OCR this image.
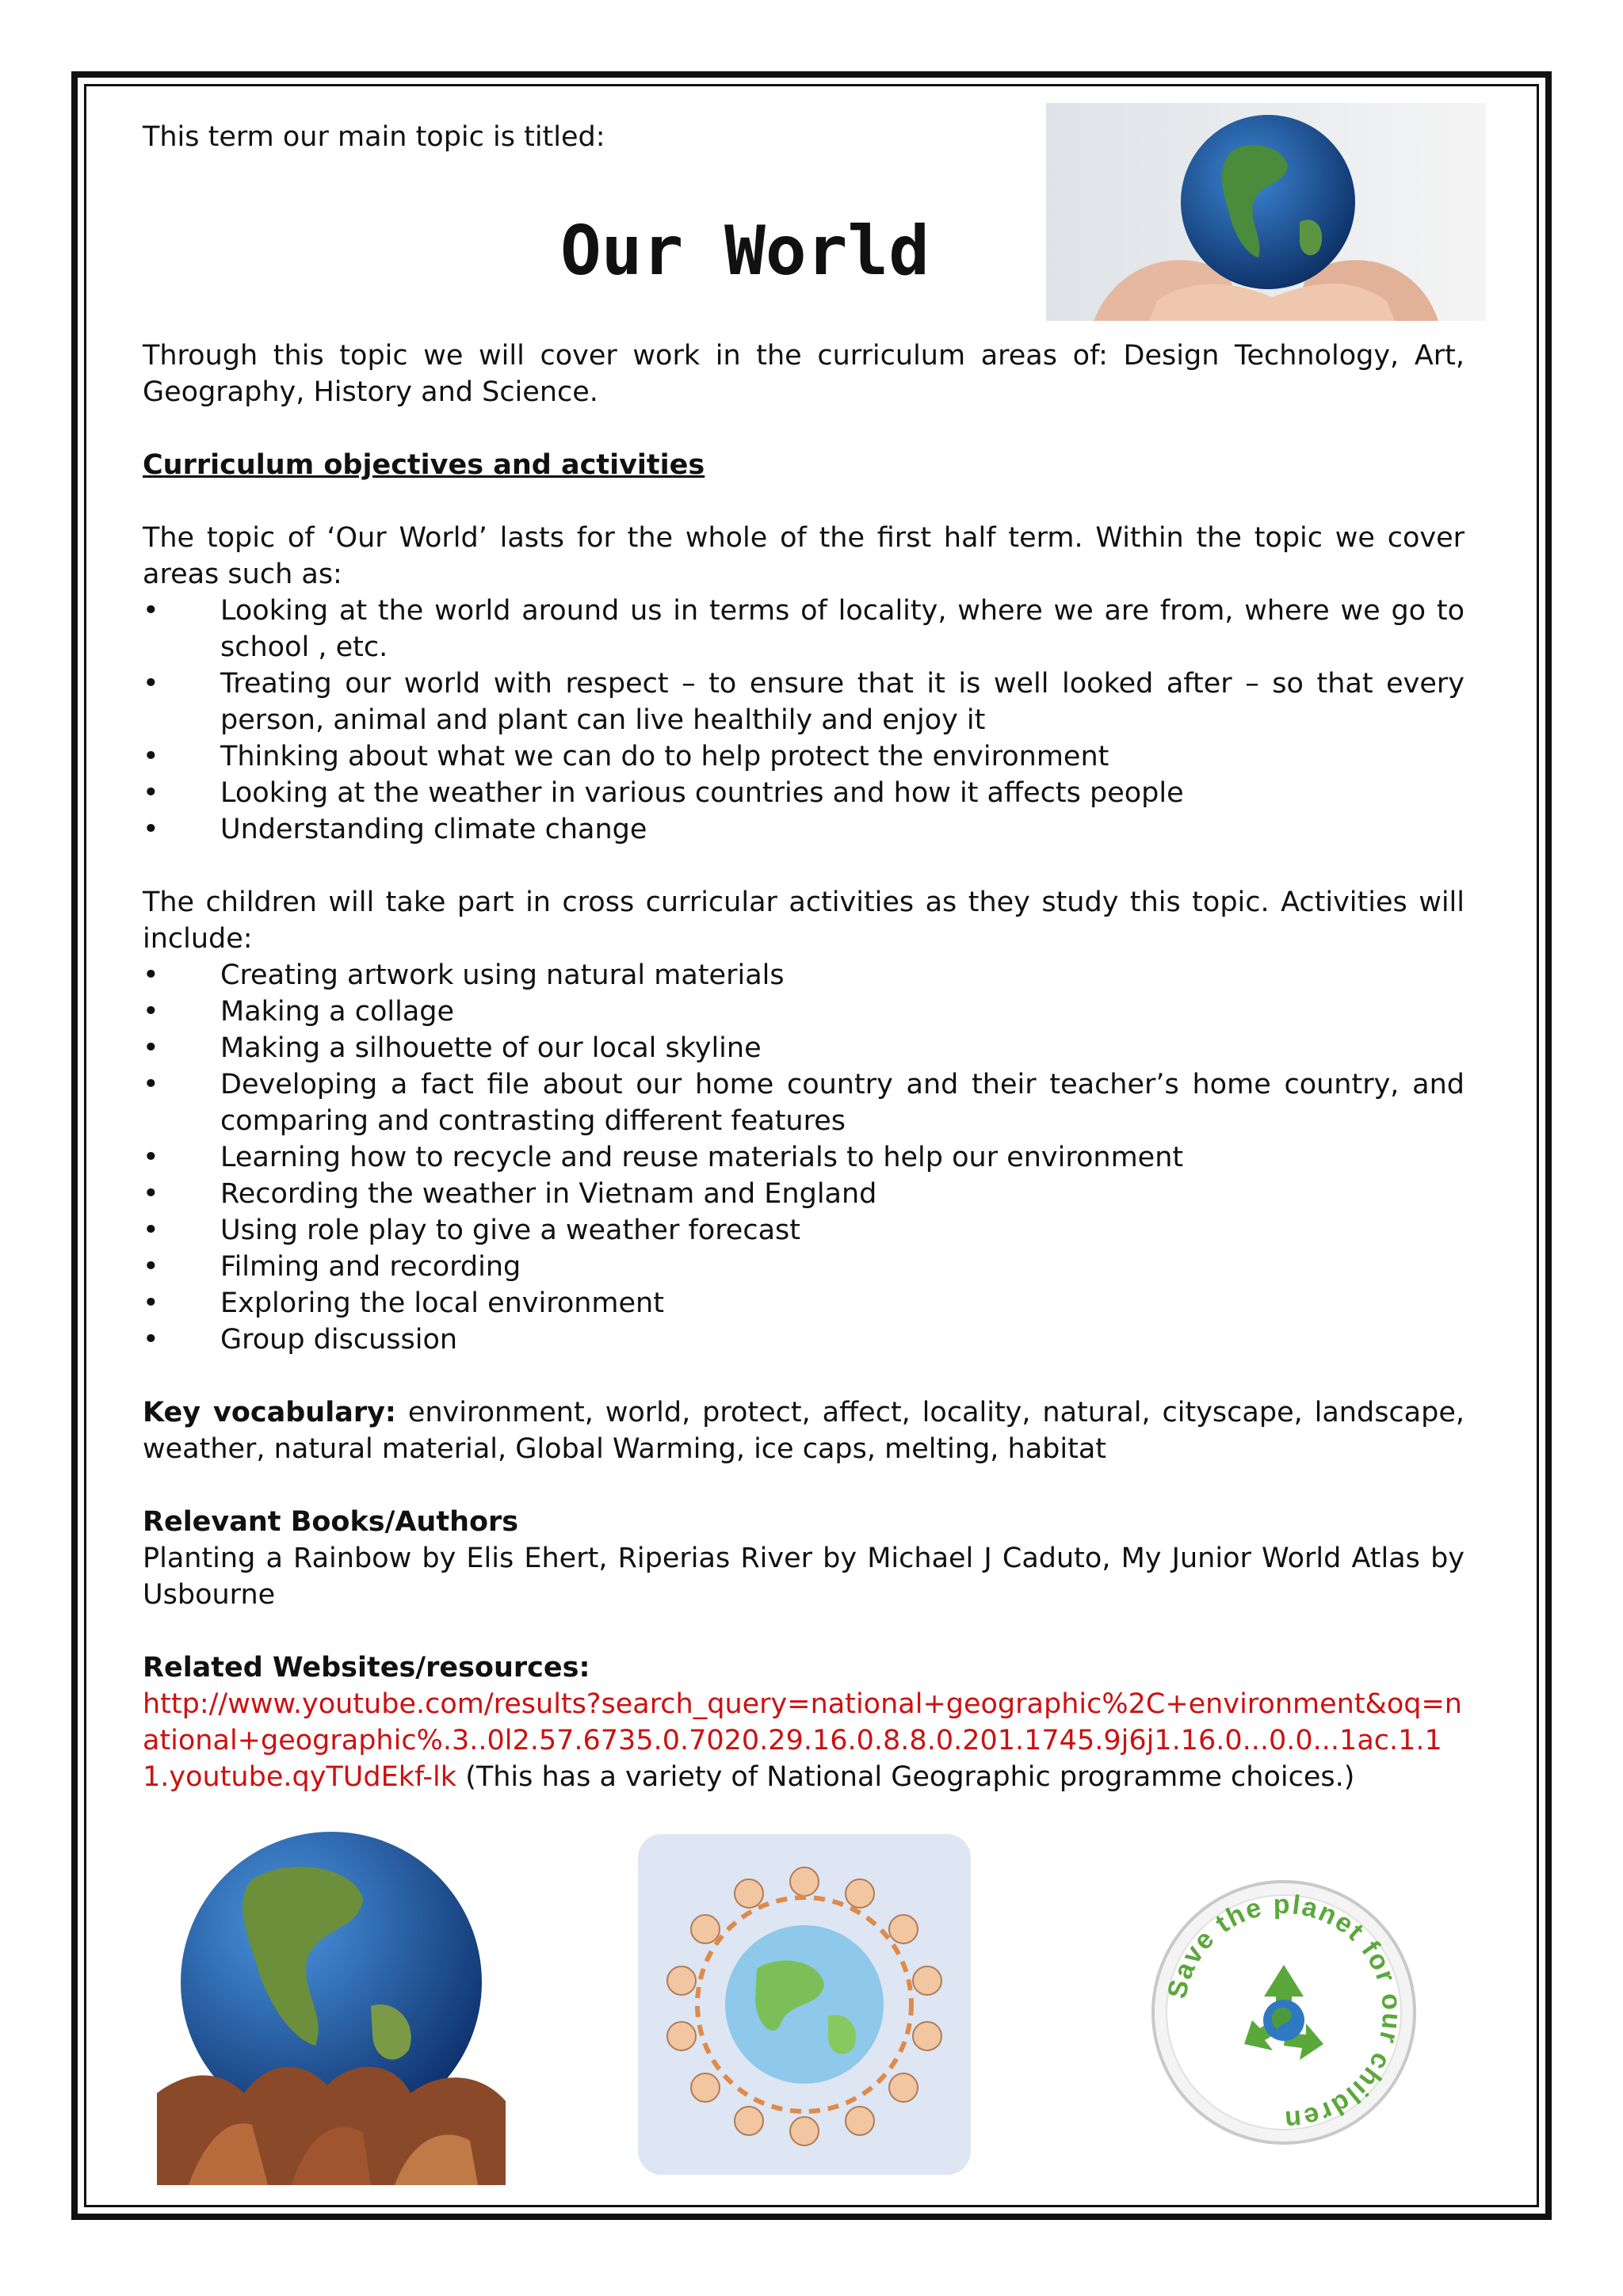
Our World
This term our main topic is titled:

Through this topic we will cover work in the curriculum areas of: Design Technology, Art, Geography, History and Science.

Curriculum objectives and activities

The topic of ‘Our World’ lasts for the whole of the first half term. Within the topic we cover areas such as:

• Looking at the world around us in terms of locality, where we are from, where we go to school , etc.
• Treating our world with respect – to ensure that it is well looked after – so that every person, animal and plant can live healthily and enjoy it
• Thinking about what we can do to help protect the environment
• Looking at the weather in various countries and how it affects people
• Understanding climate change

The children will take part in cross curricular activities as they study this topic. Activities will include:

• Creating artwork using natural materials
• Making a collage
• Making a silhouette of our local skyline
• Developing a fact file about our home country and their teacher’s home country, and comparing and contrasting different features
• Learning how to recycle and reuse materials to help our environment
• Recording the weather in Vietnam and England
• Using role play to give a weather forecast
• Filming and recording
• Exploring the local environment
• Group discussion

Key vocabulary: environment, world, protect, affect, locality, natural, cityscape, landscape, weather, natural material, Global Warming, ice caps, melting, habitat

Relevant Books/Authors

Planting a Rainbow by Elis Ehert, Riperias River by Michael J Caduto, My Junior World Atlas by Usbourne

Related Websites/resources:

http://www.youtube.com/results?search_query=national+geographic%2C+environment&oq=national+geographic%.3..0l2.57.6735.0.7020.29.16.0.8.8.0.201.1745.9j6j1.16.0...0.0...1ac.1.11.youtube.qyTUdEkf-lk (This has a variety of National Geographic programme choices.)

Save the planet for our children
